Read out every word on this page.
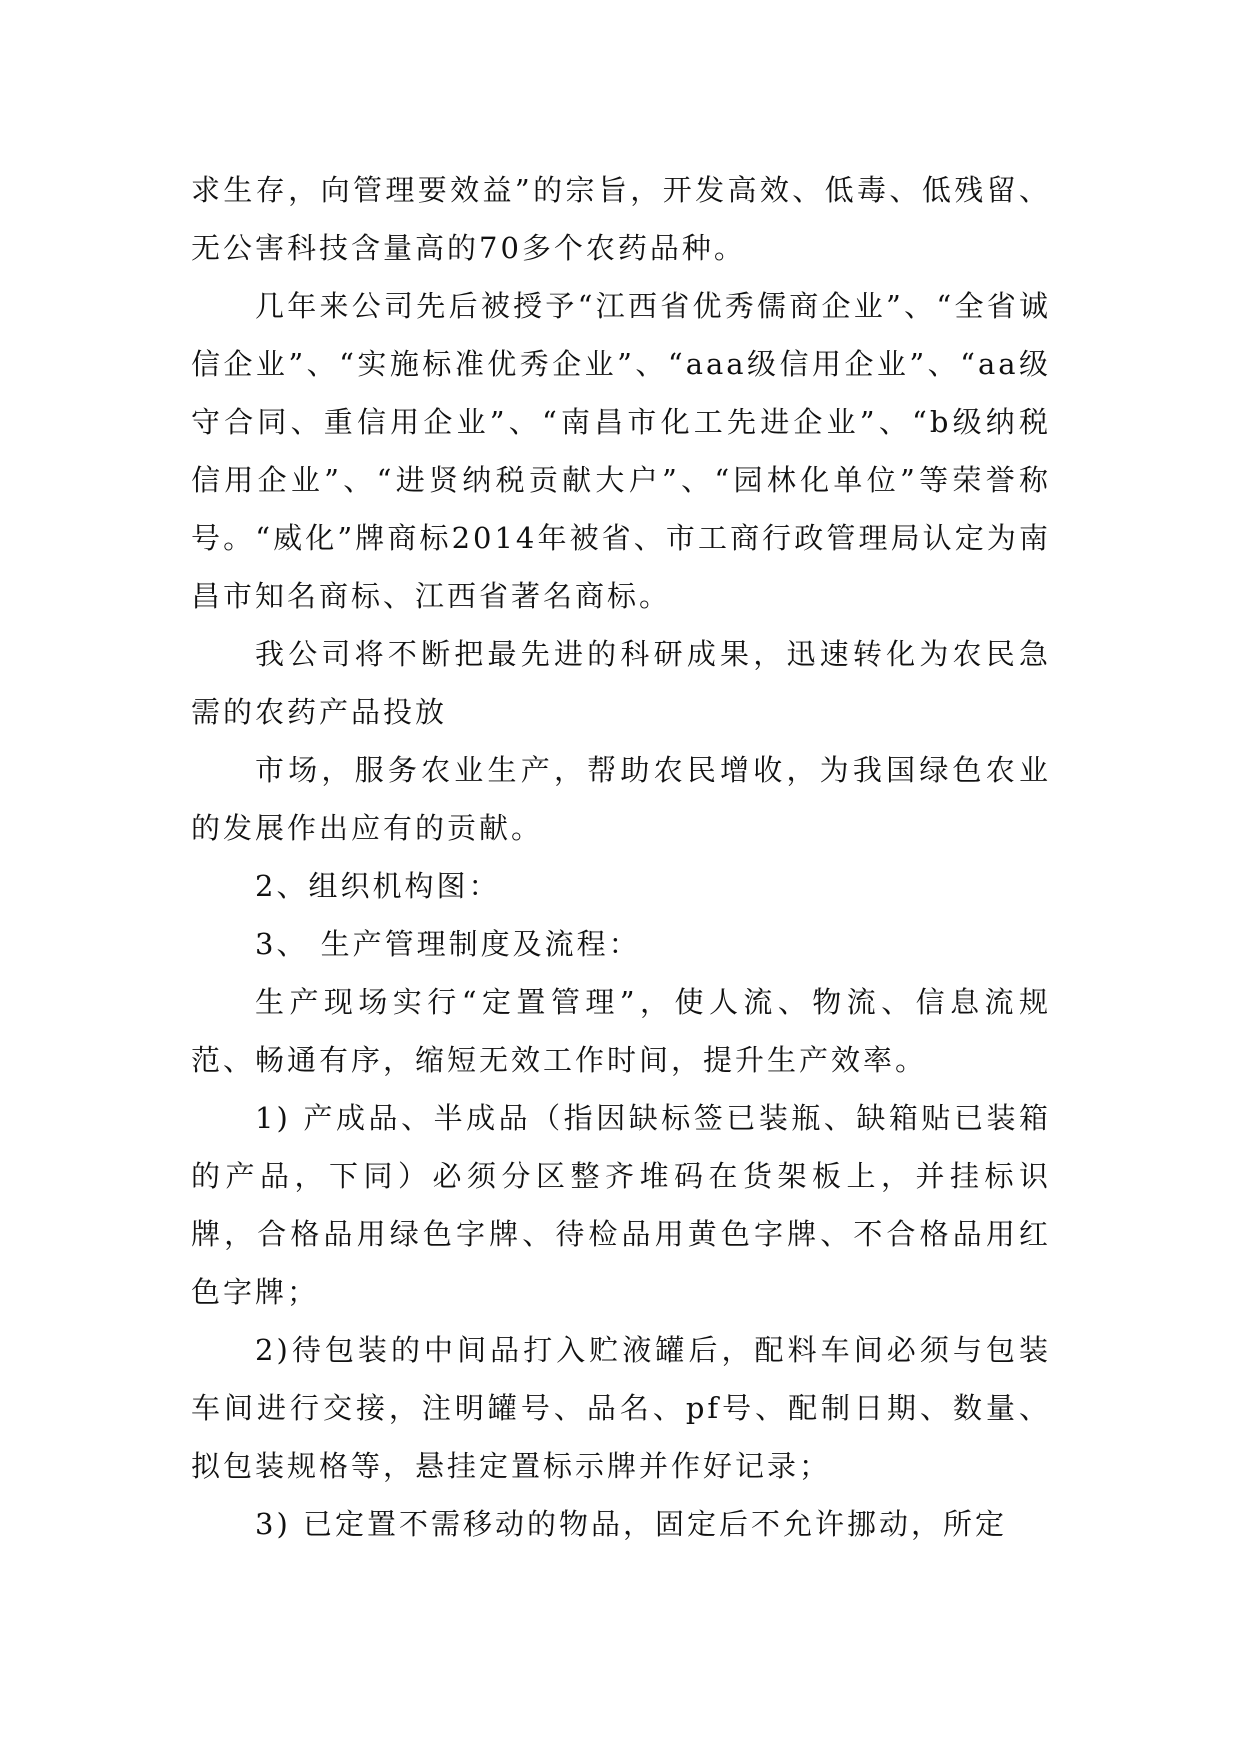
求生存，向管理要效益”的宗旨，开发高效、低毒、低残留、无公害科技含量高的70多个农药品种。

几年来公司先后被授予“江西省优秀儒商企业”、“全省诚信企业”、“实施标准优秀企业”、“aaa级信用企业”、“aa级守合同、重信用企业”、“南昌市化工先进企业”、“b级纳税信用企业”、“进贤纳税贡献大户”、“园林化单位”等荣誉称号。“威化”牌商标2014年被省、市工商行政管理局认定为南昌市知名商标、江西省著名商标。

我公司将不断把最先进的科研成果，迅速转化为农民急需的农药产品投放

市场，服务农业生产，帮助农民增收，为我国绿色农业的发展作出应有的贡献。

2、组织机构图：

3、 生产管理制度及流程：

生产现场实行“定置管理”，使人流、物流、信息流规范、畅通有序，缩短无效工作时间，提升生产效率。

1) 产成品、半成品（指因缺标签已装瓶、缺箱贴已装箱的产品，下同）必须分区整齐堆码在货架板上，并挂标识牌，合格品用绿色字牌、待检品用黄色字牌、不合格品用红色字牌；

2)待包装的中间品打入贮液罐后，配料车间必须与包装车间进行交接，注明罐号、品名、pf号、配制日期、数量、拟包装规格等，悬挂定置标示牌并作好记录；

3) 已定置不需移动的物品，固定后不允许挪动，所定
